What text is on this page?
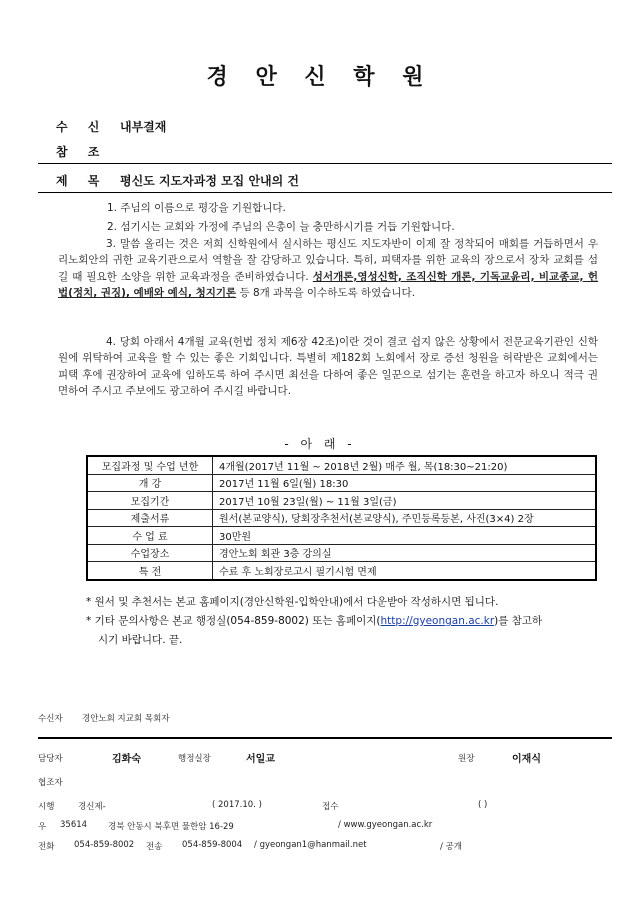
경 안 신 학 원
수 신 내부결재
참 조
제 목 평신도 지도자과정 모집 안내의 건
1. 주님의 이름으로 평강을 기원합니다.
2. 섬기시는 교회와 가정에 주님의 은총이 늘 충만하시기를 거듭 기원합니다.
3. 말씀 올리는 것은 저희 신학원에서 실시하는 평신도 지도자반이 이제 잘 정착되어 매회를 거듭하면서 우리노회안의 귀한 교육기관으로서 역할을 잘 감당하고 있습니다. 특히, 피택자를 위한 교육의 장으로서 장차 교회를 섬길 때 필요한 소양을 위한 교육과정을 준비하였습니다. 성서개론,영성신학, 조직신학 개론, 기독교윤리, 비교종교, 헌법(정치, 권징), 예배와 예식, 청지기론 등 8개 과목을 이수하도록 하였습니다.
4. 당회 아래서 4개월 교육(헌법 정치 제6장 42조)이란 것이 결코 쉽지 않은 상황에서 전문교육기관인 신학원에 위탁하여 교육을 할 수 있는 좋은 기회입니다. 특별히 제182회 노회에서 장로 증선 청원을 허락받은 교회에서는 피택 후에 권장하여 교육에 임하도록 하여 주시면 최선을 다하여 좋은 일꾼으로 섬기는 훈련을 하고자 하오니 적극 권면하여 주시고 주보에도 광고하여 주시길 바랍니다.
- 아 래 -
모집과정 및 수업 년한	4개월(2017년 11월 ~ 2018년 2월) 매주 월, 목(18:30~21:20)
개 강	2017년 11월 6일(월) 18:30
모집기간	2017년 10월 23일(월) ~ 11월 3일(금)
제출서류	원서(본교양식), 당회장추천서(본교양식), 주민등록등본, 사진(3×4) 2장
수 업 료	30만원
수업장소	경안노회 회관 3층 강의실
특 전	수료 후 노회장로고시 필기시험 면제
* 원서 및 추천서는 본교 홈페이지(경안신학원-입학안내)에서 다운받아 작성하시면 됩니다.
* 기타 문의사항은 본교 행정실(054-859-8002) 또는 홈페이지(http://gyeongan.ac.kr)를 참고하
시기 바랍니다. 끝.
수신자 경안노회 지교회 목회자
담당자	김화숙	행정실장	서일교	원장	이재식
협조자
시행	경신제-	( 2017.10. )	접수	( )
우 35614 경북 안동시 북후면 물한암 16-29	/ www.gyeongan.ac.kr
전화 054-859-8002 전송 054-859-8004 / gyeongan1@hanmail.net	/ 공개
